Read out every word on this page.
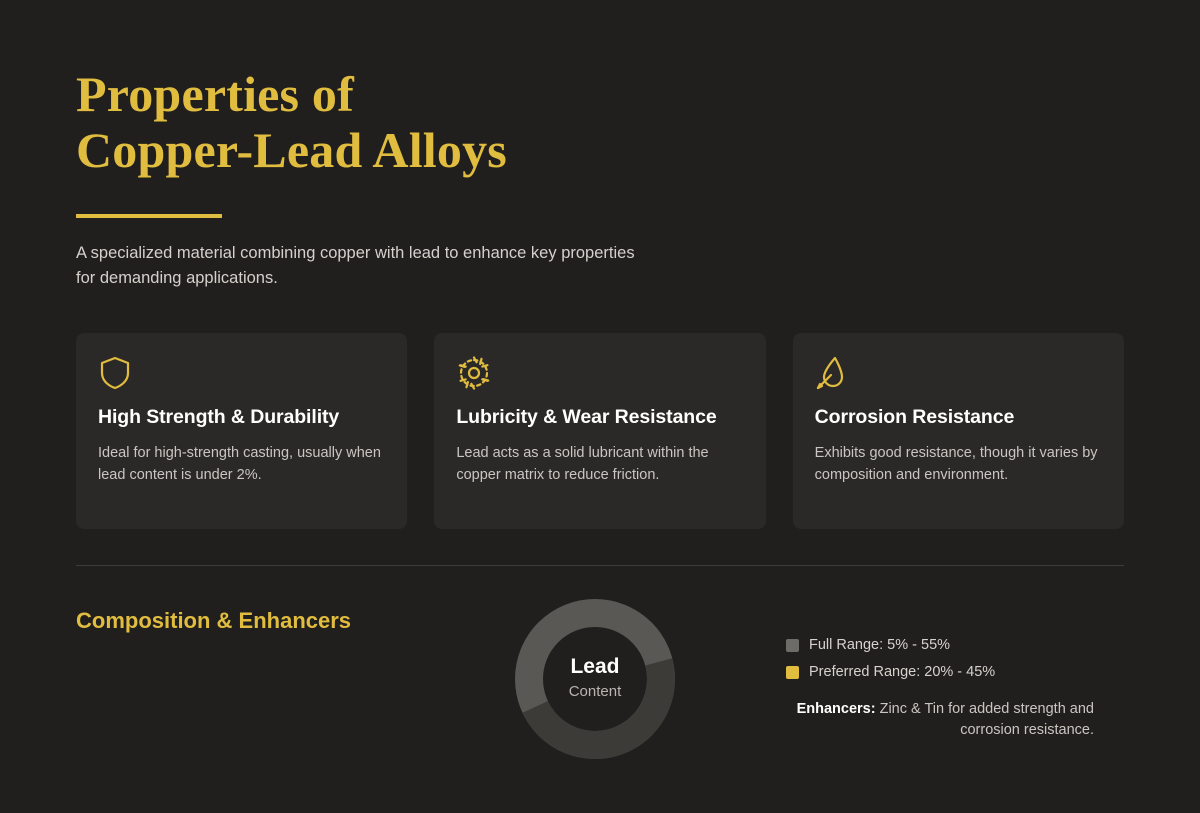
Properties of
Copper-Lead Alloys

A specialized material combining copper with lead to enhance key properties for demanding applications.

High Strength & Durability
Ideal for high-strength casting, usually when lead content is under 2%.
Lubricity & Wear Resistance
Lead acts as a solid lubricant within the copper matrix to reduce friction.
Corrosion Resistance
Exhibits good resistance, though it varies by composition and environment.
Composition & Enhancers
Lead
Content
Full Range: 5% - 55%
Preferred Range: 20% - 45%
Enhancers: Zinc & Tin for added strength and corrosion resistance.
